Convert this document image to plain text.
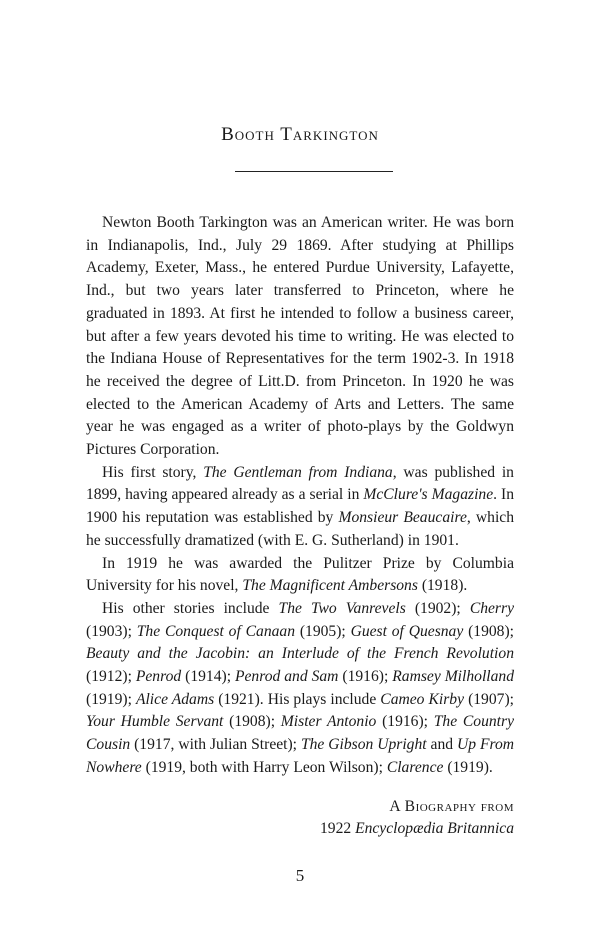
Booth Tarkington

Newton Booth Tarkington was an American writer. He was born in Indianapolis, Ind., July 29 1869. After studying at Phillips Academy, Exeter, Mass., he entered Purdue University, Lafayette, Ind., but two years later transferred to Princeton, where he graduated in 1893. At first he intended to follow a business career, but after a few years devoted his time to writing. He was elected to the Indiana House of Representatives for the term 1902-3. In 1918 he received the degree of Litt.D. from Princeton. In 1920 he was elected to the American Academy of Arts and Letters. The same year he was engaged as a writer of photo-plays by the Goldwyn Pictures Corporation.

His first story, The Gentleman from Indiana, was published in 1899, having appeared already as a serial in McClure's Magazine. In 1900 his reputation was established by Monsieur Beaucaire, which he successfully dramatized (with E. G. Sutherland) in 1901.

In 1919 he was awarded the Pulitzer Prize by Columbia University for his novel, The Magnificent Ambersons (1918).

His other stories include The Two Vanrevels (1902); Cherry (1903); The Conquest of Canaan (1905); Guest of Quesnay (1908); Beauty and the Jacobin: an Interlude of the French Revolution (1912); Penrod (1914); Penrod and Sam (1916); Ramsey Milholland (1919); Alice Adams (1921). His plays include Cameo Kirby (1907); Your Humble Servant (1908); Mister Antonio (1916); The Country Cousin (1917, with Julian Street); The Gibson Upright and Up From Nowhere (1919, both with Harry Leon Wilson); Clarence (1919).

A Biography from
1922 Encyclopædia Britannica
5
